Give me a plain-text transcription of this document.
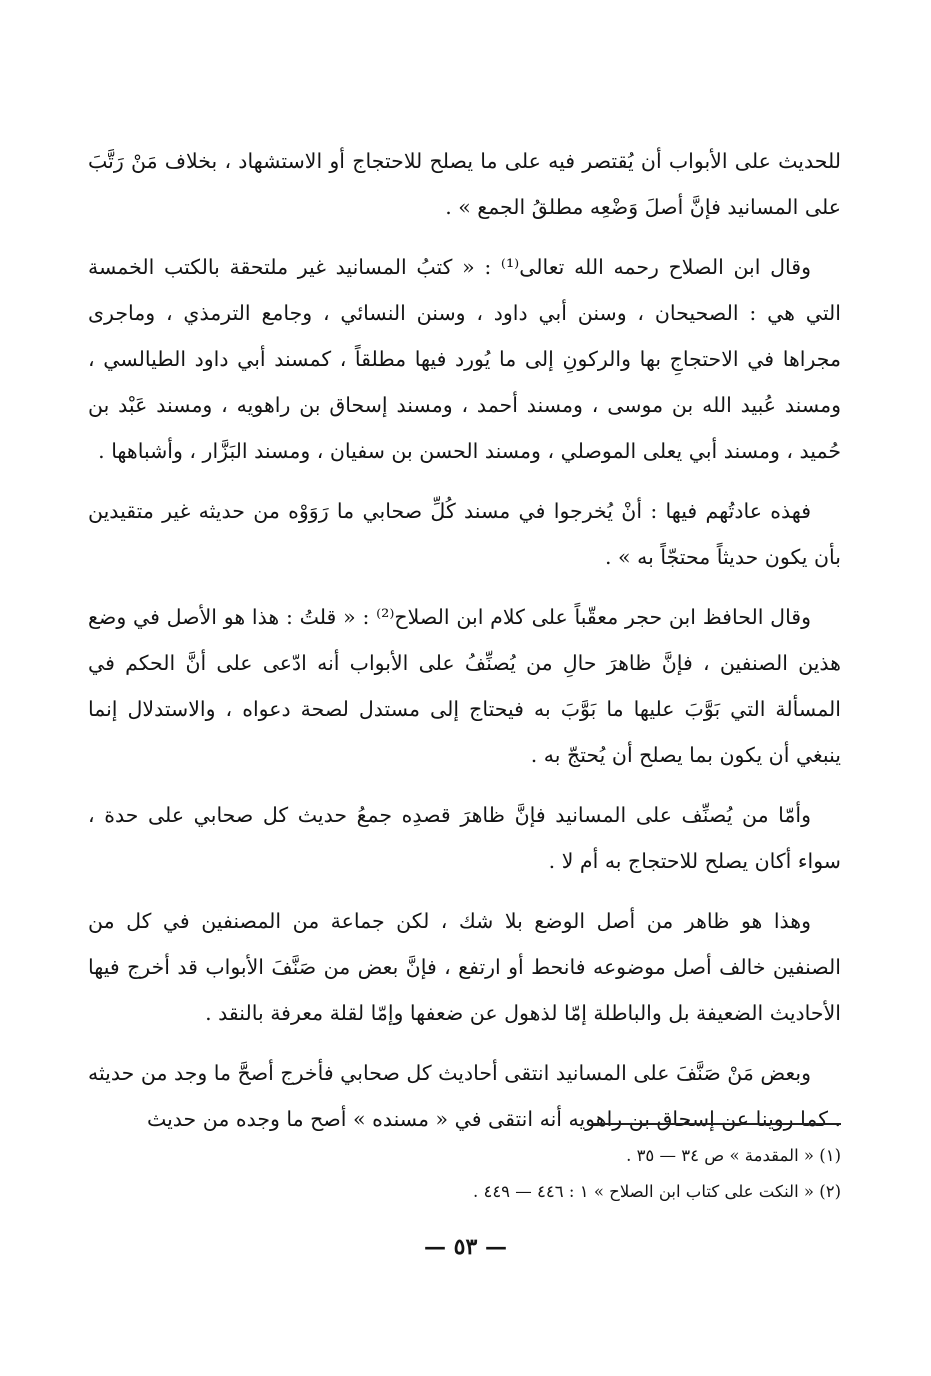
للحديث على الأبواب أن يُقتصر فيه على ما يصلح للاحتجاج أو الاستشهاد ، بخلاف مَنْ رَتَّبَ على المسانيد فإنَّ أصلَ وَضْعِه مطلقُ الجمع » .

وقال ابن الصلاح رحمه الله تعالى⁽¹⁾ : « كتبُ المسانيد غير ملتحقة بالكتب الخمسة التي هي : الصحيحان ، وسنن أبي داود ، وسنن النسائي ، وجامع الترمذي ، وماجرى مجراها في الاحتجاجِ بها والركونِ إلى ما يُورد فيها مطلقاً ، كمسند أبي داود الطيالسي ، ومسند عُبيد الله بن موسى ، ومسند أحمد ، ومسند إسحاق بن راهويه ، ومسند عَبْد بن حُميد ، ومسند أبي يعلى الموصلي ، ومسند الحسن بن سفيان ، ومسند البَزَّار ، وأشباهها .

فهذه عادتُهم فيها : أنْ يُخرجوا في مسند كُلِّ صحابي ما رَوَوْه من حديثه غير متقيدين بأن يكون حديثاً محتجّاً به » .

وقال الحافظ ابن حجر معقّباً على كلام ابن الصلاح⁽²⁾ : « قلتُ : هذا هو الأصل في وضع هذين الصنفين ، فإنَّ ظاهرَ حالِ من يُصنِّفُ على الأبواب أنه ادّعى على أنَّ الحكم في المسألة التي بَوَّبَ عليها ما بَوَّبَ به فيحتاج إلى مستدل لصحة دعواه ، والاستدلال إنما ينبغي أن يكون بما يصلح أن يُحتجّ به .

وأمّا من يُصنِّف على المسانيد فإنَّ ظاهرَ قصدِه جمعُ حديث كل صحابي على حدة ، سواء أكان يصلح للاحتجاج به أم لا .

وهذا هو ظاهر من أصل الوضع بلا شك ، لكن جماعة من المصنفين في كل من الصنفين خالف أصل موضوعه فانحط أو ارتفع ، فإنَّ بعض من صَنَّفَ الأبواب قد أخرج فيها الأحاديث الضعيفة بل والباطلة إمّا لذهول عن ضعفها وإمّا لقلة معرفة بالنقد .

وبعض مَنْ صَنَّفَ على المسانيد انتقى أحاديث كل صحابي فأخرج أصحَّ ما وجد من حديثه . كما روينا عن إسحاق بن راهويه أنه انتقى في « مسنده » أصح ما وجده من حديث

(١) « المقدمة » ص ٣٤ — ٣٥ .

(٢) « النكت على كتاب ابن الصلاح » ١ : ٤٤٦ — ٤٤٩ .

— ٥٣ —
